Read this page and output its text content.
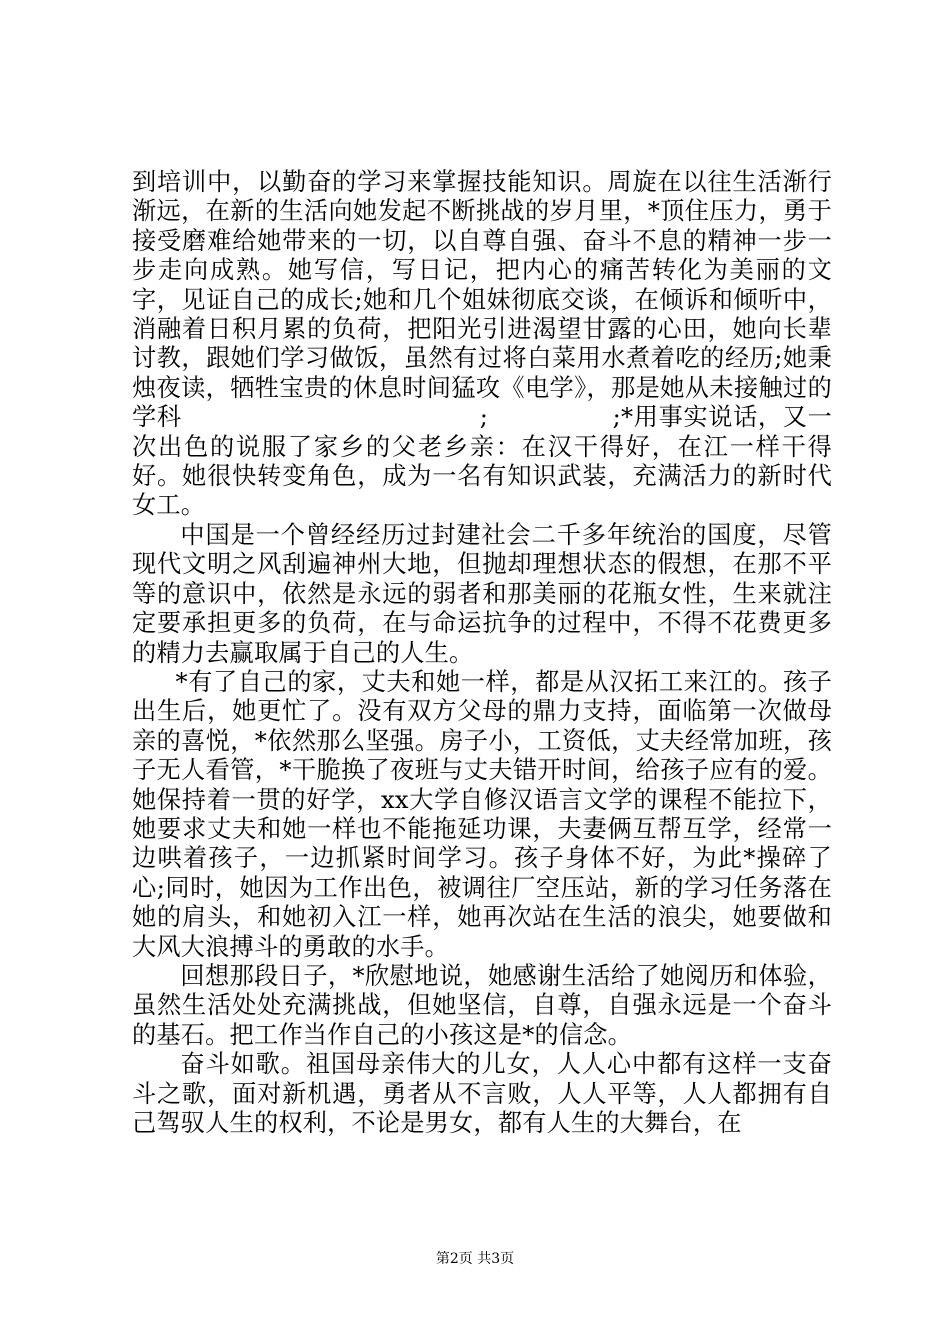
到培训中，以勤奋的学习来掌握技能知识。周旋在以往生活渐行渐远，在新的生活向她发起不断挑战的岁月里，*顶住压力，勇于接受磨难给她带来的一切，以自尊自强、奋斗不息的精神一步一步走向成熟。她写信，写日记，把内心的痛苦转化为美丽的文字，见证自己的成长;她和几个姐妹彻底交谈，在倾诉和倾听中，消融着日积月累的负荷，把阳光引进渴望甘露的心田，她向长辈讨教，跟她们学习做饭，虽然有过将白菜用水煮着吃的经历;她秉烛夜读，牺牲宝贵的休息时间猛攻《电学》，那是她从未接触过的学科　　　　　　　　　　　　;　　　　　;*用事实说话，又一次出色的说服了家乡的父老乡亲：在汉干得好，在江一样干得好。她很快转变角色，成为一名有知识武装，充满活力的新时代女工。

中国是一个曾经经历过封建社会二千多年统治的国度，尽管现代文明之风刮遍神州大地，但抛却理想状态的假想，在那不平等的意识中，依然是永远的弱者和那美丽的花瓶女性，生来就注定要承担更多的负荷，在与命运抗争的过程中，不得不花费更多的精力去赢取属于自己的人生。

*有了自己的家，丈夫和她一样，都是从汉拓工来江的。孩子出生后，她更忙了。没有双方父母的鼎力支持，面临第一次做母亲的喜悦，*依然那么坚强。房子小，工资低，丈夫经常加班，孩子无人看管，*干脆换了夜班与丈夫错开时间，给孩子应有的爱。她保持着一贯的好学，xx大学自修汉语言文学的课程不能拉下，她要求丈夫和她一样也不能拖延功课，夫妻俩互帮互学，经常一边哄着孩子，一边抓紧时间学习。孩子身体不好，为此*操碎了心;同时，她因为工作出色，被调往厂空压站，新的学习任务落在她的肩头，和她初入江一样，她再次站在生活的浪尖，她要做和大风大浪搏斗的勇敢的水手。

回想那段日子，*欣慰地说，她感谢生活给了她阅历和体验，虽然生活处处充满挑战，但她坚信，自尊，自强永远是一个奋斗的基石。把工作当作自己的小孩这是*的信念。

奋斗如歌。祖国母亲伟大的儿女，人人心中都有这样一支奋斗之歌，面对新机遇，勇者从不言败，人人平等，人人都拥有自己驾驭人生的权利，不论是男女，都有人生的大舞台，在

第2页 共3页
